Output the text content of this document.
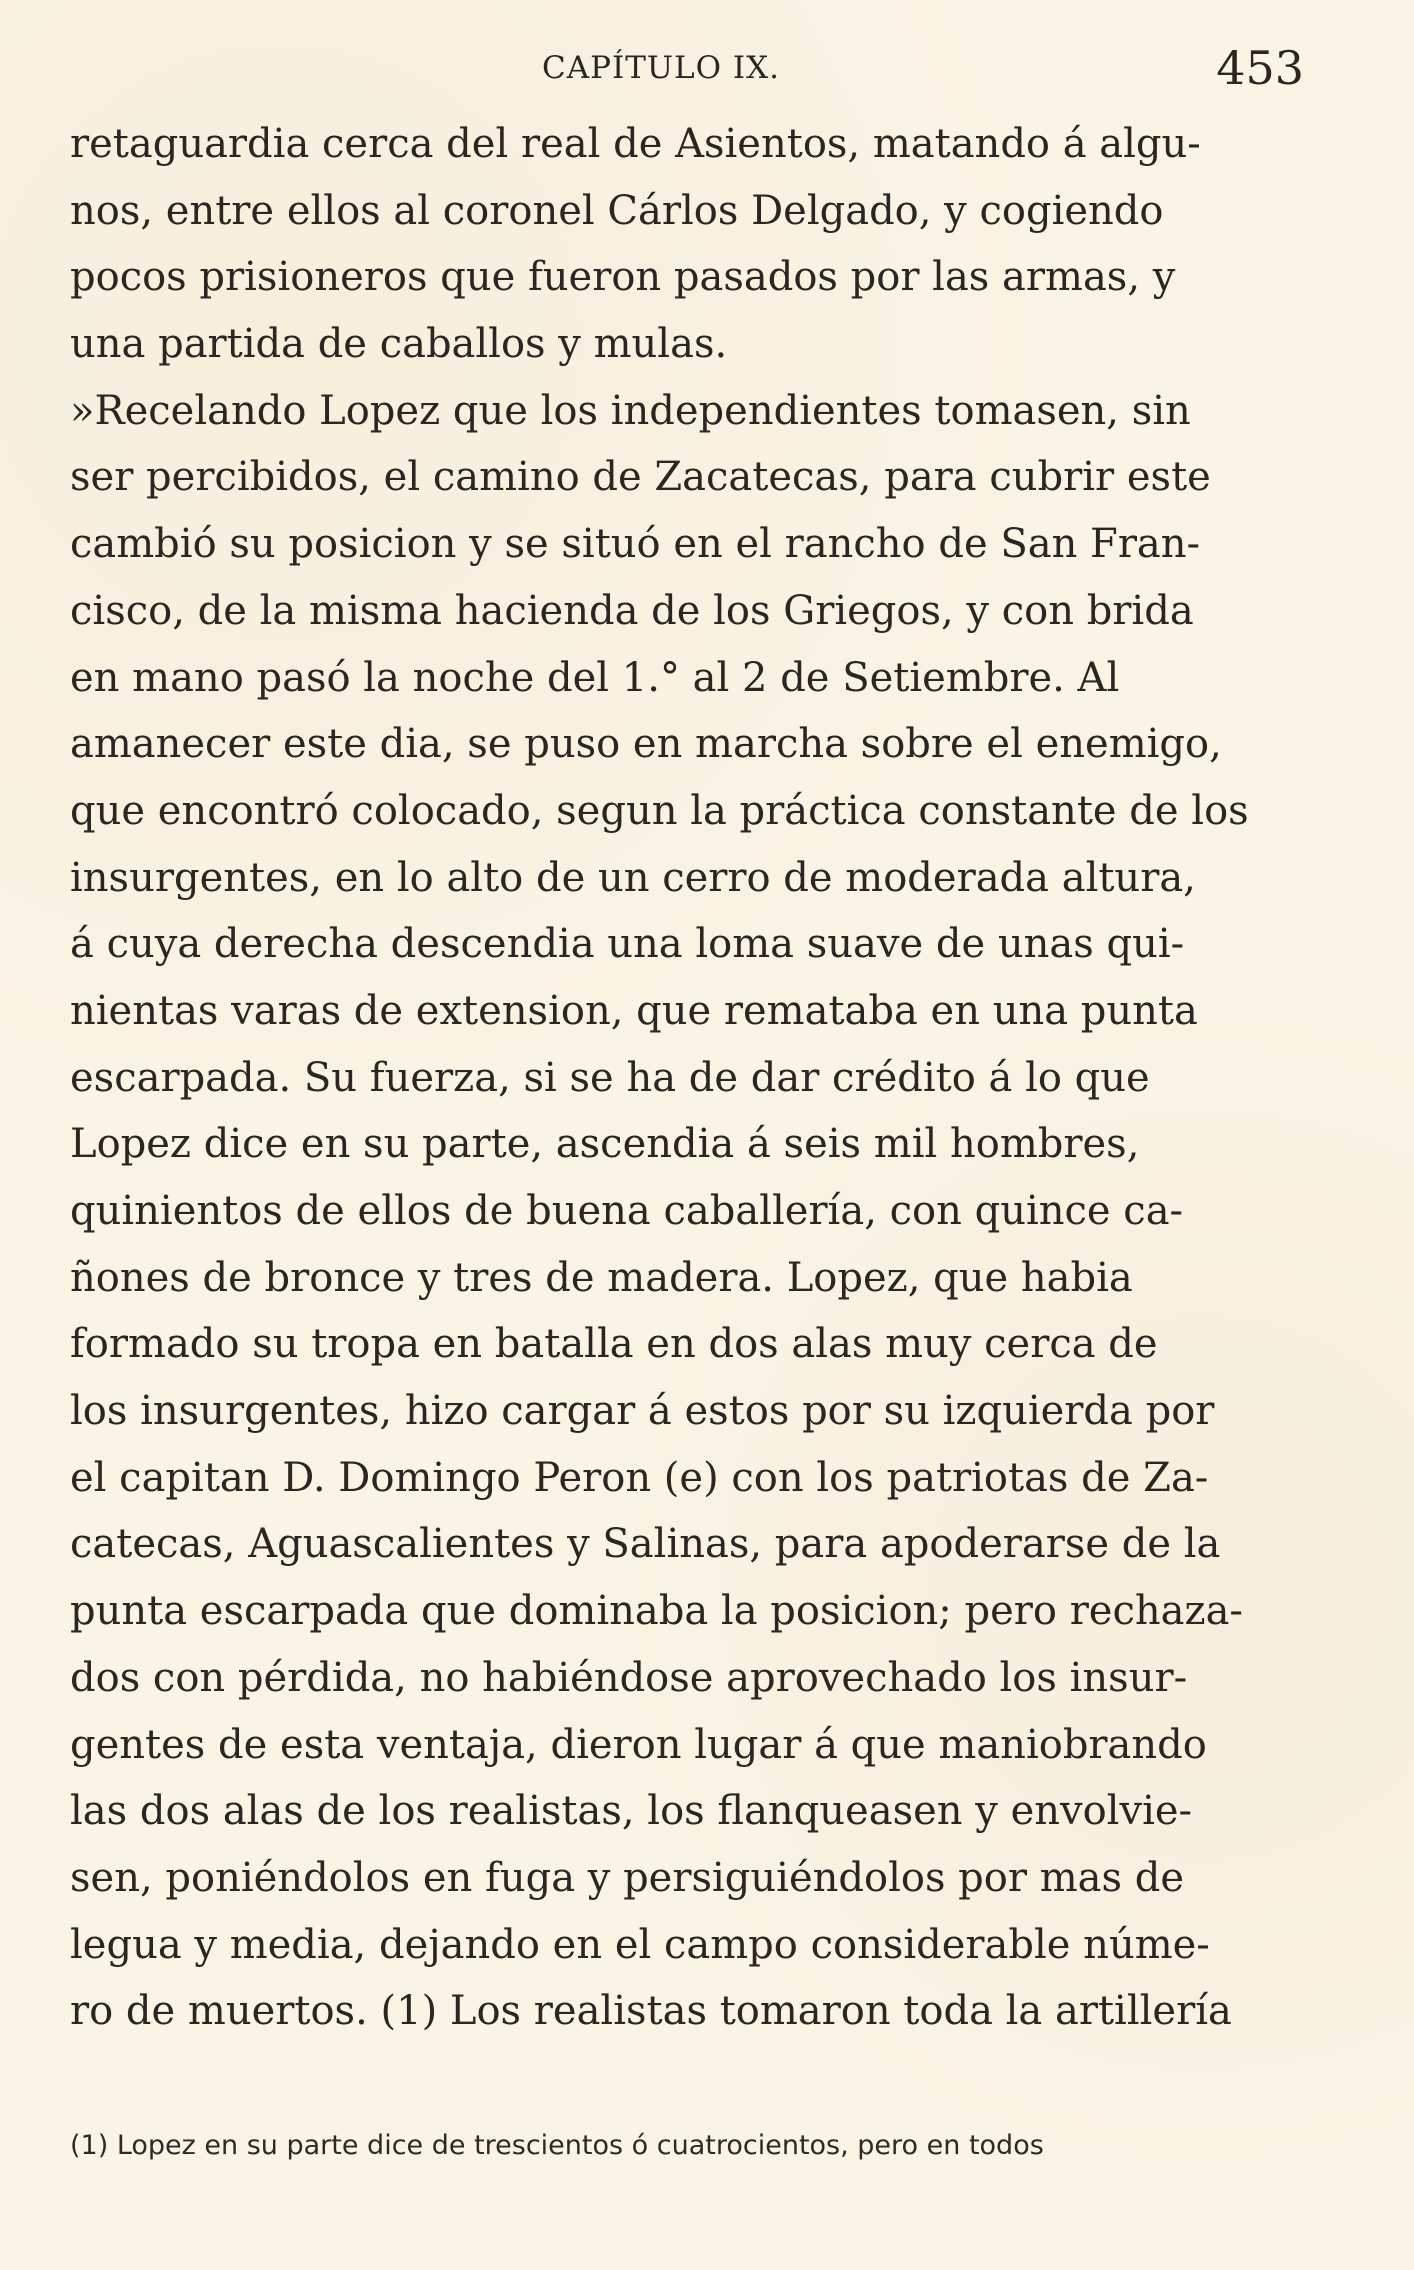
CAPÍTULO IX.	453
retaguardia cerca del real de Asientos, matando á algu-
nos, entre ellos al coronel Cárlos Delgado, y cogiendo
pocos prisioneros que fueron pasados por las armas, y
una partida de caballos y mulas.
»Recelando Lopez que los independientes tomasen, sin
ser percibidos, el camino de Zacatecas, para cubrir este
cambió su posicion y se situó en el rancho de San Fran-
cisco, de la misma hacienda de los Griegos, y con brida
en mano pasó la noche del 1.° al 2 de Setiembre. Al
amanecer este dia, se puso en marcha sobre el enemigo,
que encontró colocado, segun la práctica constante de los
insurgentes, en lo alto de un cerro de moderada altura,
á cuya derecha descendia una loma suave de unas qui-
nientas varas de extension, que remataba en una punta
escarpada. Su fuerza, si se ha de dar crédito á lo que
Lopez dice en su parte, ascendia á seis mil hombres,
quinientos de ellos de buena caballería, con quince ca-
ñones de bronce y tres de madera. Lopez, que habia
formado su tropa en batalla en dos alas muy cerca de
los insurgentes, hizo cargar á estos por su izquierda por
el capitan D. Domingo Peron (e) con los patriotas de Za-
catecas, Aguascalientes y Salinas, para apoderarse de la
punta escarpada que dominaba la posicion; pero rechaza-
dos con pérdida, no habiéndose aprovechado los insur-
gentes de esta ventaja, dieron lugar á que maniobrando
las dos alas de los realistas, los flanqueasen y envolvie-
sen, poniéndolos en fuga y persiguiéndolos por mas de
legua y media, dejando en el campo considerable núme-
ro de muertos. (1) Los realistas tomaron toda la artillería
(1) Lopez en su parte dice de trescientos ó cuatrocientos, pero en todos
